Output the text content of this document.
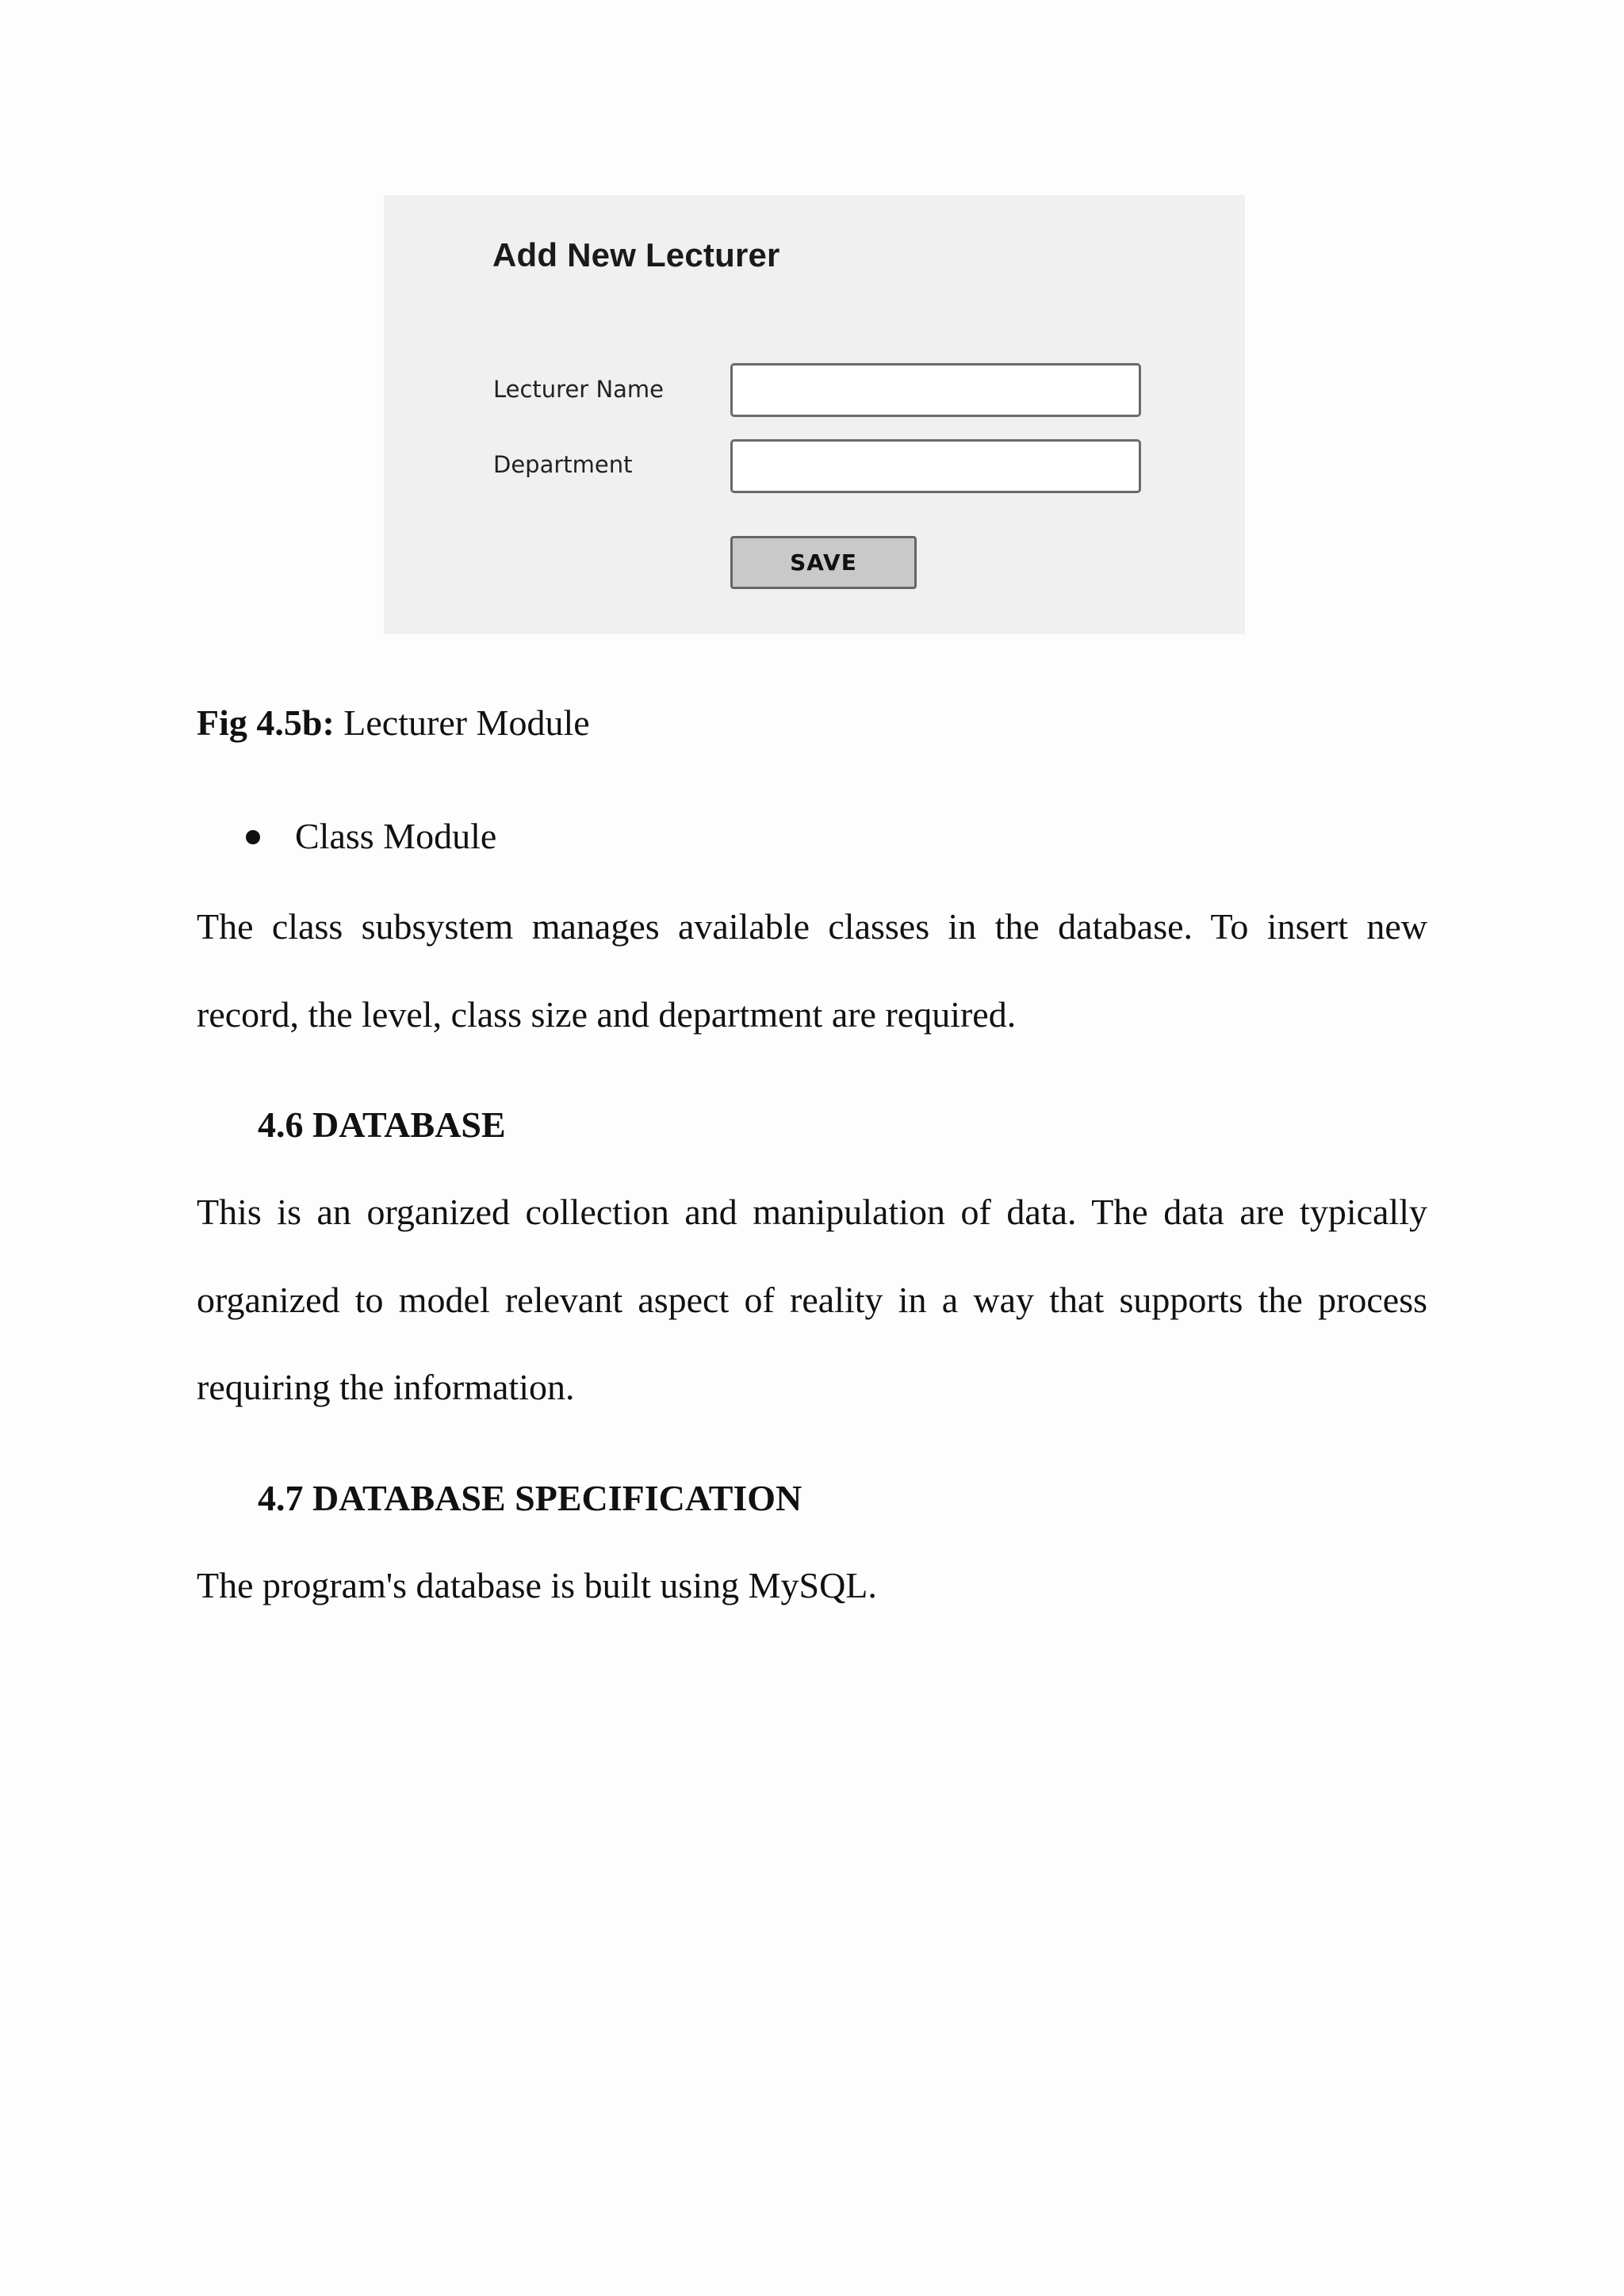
Add New Lecturer
Lecturer Name
Department
SAVE
Fig 4.5b: Lecturer Module
Class Module
The class subsystem manages available classes in the database. To insert new
record, the level, class size and department are required.
4.6 DATABASE
This is an organized collection and manipulation of data. The data are typically
organized to model relevant aspect of reality in a way that supports the process
requiring the information.
4.7 DATABASE SPECIFICATION
The program's database is built using MySQL.
